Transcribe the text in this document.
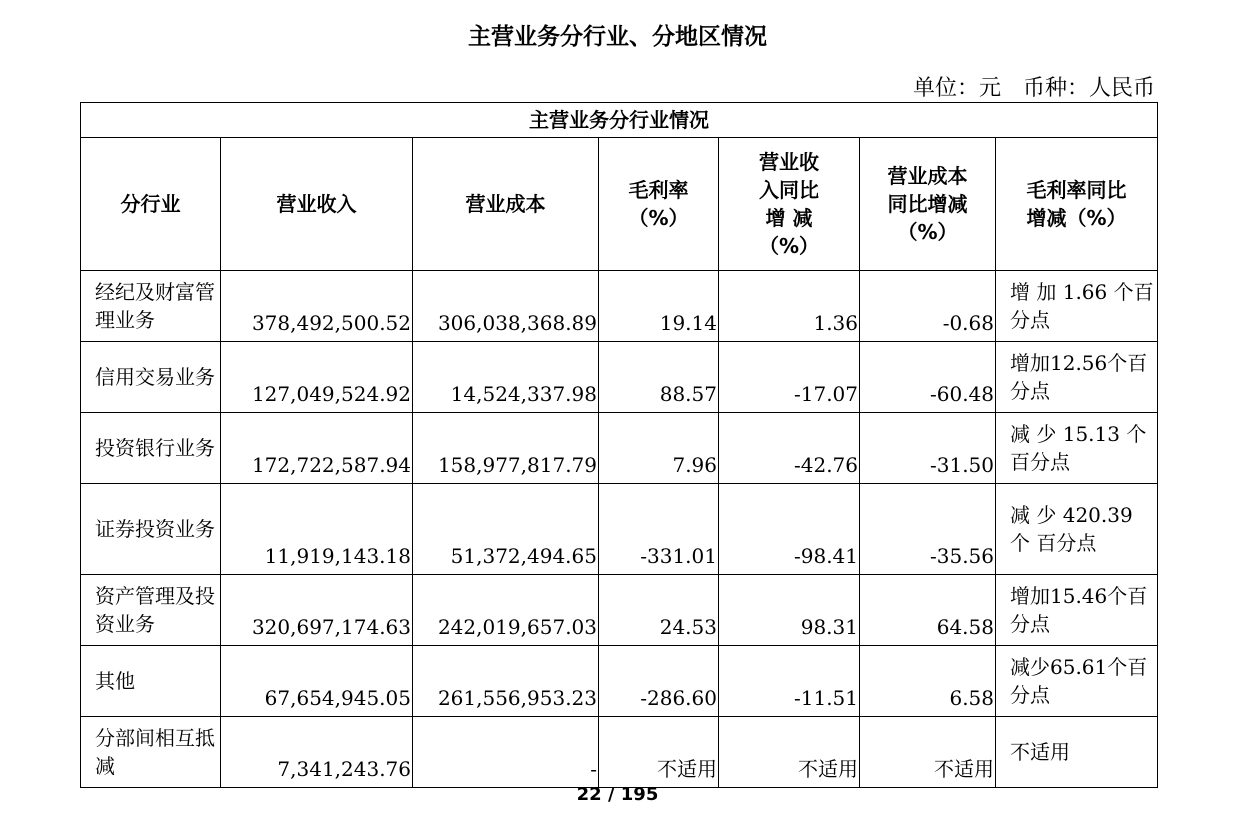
主营业务分行业、分地区情况
单位：元 币种：人民币
主营业务分行业情况						
分行业	营业收入	营业成本	毛利率（%）	营业收入同比增 减（%）	营业成本同比增减（%）	毛利率同比增减（%）
经纪及财富管理业务	378,492,500.52	306,038,368.89	19.14	1.36	-0.68	增 加 1.66 个百分点
信用交易业务	127,049,524.92	14,524,337.98	88.57	-17.07	-60.48	增加12.56个百分点
投资银行业务	172,722,587.94	158,977,817.79	7.96	-42.76	-31.50	减 少 15.13 个百分点
证券投资业务	11,919,143.18	51,372,494.65	-331.01	-98.41	-35.56	减 少 420.39 个 百分点
资产管理及投资业务	320,697,174.63	242,019,657.03	24.53	98.31	64.58	增加15.46个百分点
其他	67,654,945.05	261,556,953.23	-286.60	-11.51	6.58	减少65.61个百分点
分部间相互抵减	7,341,243.76	-	不适用	不适用	不适用	不适用
22 / 195
